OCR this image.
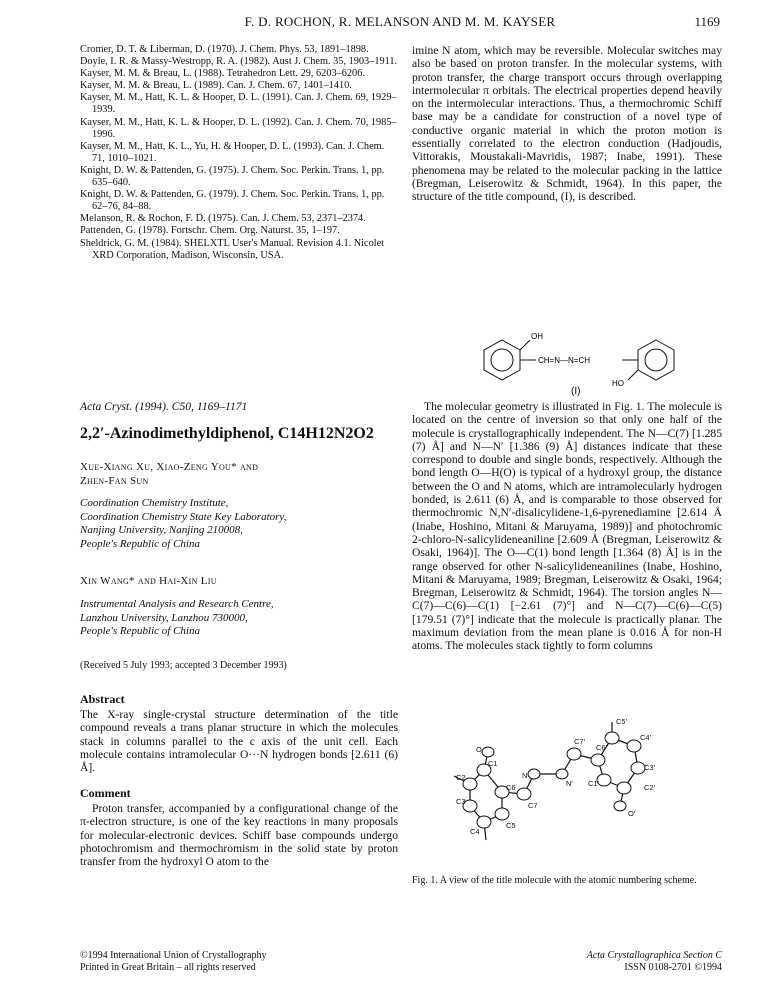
F. D. ROCHON, R. MELANSON AND M. M. KAYSER	1169

Cromer, D. T. & Liberman, D. (1970). J. Chem. Phys. 53, 1891–1898.

Doyle, I. R. & Massy-Westropp, R. A. (1982). Aust J. Chem. 35, 1903–1911.

Kayser, M. M. & Breau, L. (1988). Tetrahedron Lett. 29, 6203–6206.

Kayser, M. M. & Breau, L. (1989). Can. J. Chem. 67, 1401–1410.

Kayser, M. M., Hatt, K. L. & Hooper, D. L. (1991). Can. J. Chem. 69, 1929–1939.

Kayser, M. M., Hatt, K. L. & Hooper, D. L. (1992). Can. J. Chem. 70, 1985–1996.

Kayser, M. M., Hatt, K. L., Yu, H. & Hooper, D. L. (1993). Can. J. Chem. 71, 1010–1021.

Knight, D. W. & Pattenden, G. (1975). J. Chem. Soc. Perkin. Trans. 1, pp. 635–640.

Knight, D. W. & Pattenden, G. (1979). J. Chem. Soc. Perkin. Trans. 1, pp. 62–76, 84–88.

Melanson, R. & Rochon, F. D. (1975). Can. J. Chem. 53, 2371–2374.

Pattenden, G. (1978). Fortschr. Chem. Org. Naturst. 35, 1–197.

Sheldrick, G. M. (1984). SHELXTL User's Manual. Revision 4.1. Nicolet XRD Corporation, Madison, Wisconsin, USA.

imine N atom, which may be reversible. Molecular switches may also be based on proton transfer. In the molecular systems, with proton transfer, the charge transport occurs through overlapping intermolecular π orbitals. The electrical properties depend heavily on the intermolecular interactions. Thus, a thermochromic Schiff base may be a candidate for construction of a novel type of conductive organic material in which the proton motion is essentially correlated to the electron conduction (Hadjoudis, Vittorakis, Moustakali-Mavridis, 1987; Inabe, 1991). These phenomena may be related to the molecular packing in the lattice (Bregman, Leiserowitz & Schmidt, 1964). In this paper, the structure of the title compound, (I), is described.
OH
CH=N—N=CH
HO
(I)
Acta Cryst. (1994). C50, 1169–1171
2,2′-Azinodimethyldiphenol, C14H12N2O2
Xue-Xiang Xu, Xiao-Zeng You* and
Zhen-Fan Sun
Coordination Chemistry Institute,
Coordination Chemistry State Key Laboratory,
Nanjing University, Nanjing 210008,
People's Republic of China
Xin Wang* and Hai-Xin Liu
Instrumental Analysis and Research Centre,
Lanzhou University, Lanzhou 730000,
People's Republic of China
(Received 5 July 1993; accepted 3 December 1993)
Abstract
The X-ray single-crystal structure determination of the title compound reveals a trans planar structure in which the molecules stack in columns parallel to the c axis of the unit cell. Each molecule contains intramolecular O···N hydrogen bonds [2.611 (6) Å].
Comment
Proton transfer, accompanied by a configurational change of the π-electron structure, is one of the key reactions in many proposals for molecular-electronic devices. Schiff base compounds undergo photochromism and thermochromism in the solid state by proton transfer from the hydroxyl O atom to the
The molecular geometry is illustrated in Fig. 1. The molecule is located on the centre of inversion so that only one half of the molecule is crystallographically independent. The N—C(7) [1.285 (7) Å] and N—N′ [1.386 (9) Å] distances indicate that these correspond to double and single bonds, respectively. Although the bond length O—H(O) is typical of a hydroxyl group, the distance between the O and N atoms, which are intramolecularly hydrogen bonded, is 2.611 (6) Å, and is comparable to those observed for thermochromic N,N′-disalicylidene-1,6-pyrenediamine [2.614 Å (Inabe, Hoshino, Mitani & Maruyama, 1989)] and photochromic 2-chloro-N-salicylideneaniline [2.609 Å (Bregman, Leiserowitz & Osaki, 1964)]. The O—C(1) bond length [1.364 (8) Å] is in the range observed for other N-salicylideneanilines (Inabe, Hoshino, Mitani & Maruyama, 1989; Bregman, Leiserowitz & Osaki, 1964; Bregman, Leiserowitz & Schmidt, 1964). The torsion angles N—C(7)—C(6)—C(1) [−2.61 (7)°] and N—C(7)—C(6)—C(5) [179.51 (7)°] indicate that the molecule is practically planar. The maximum deviation from the mean plane is 0.016 Å for non-H atoms. The molecules stack tightly to form columns
C5′
C4′
C7′
C6′
C3′
O
C1
C2	N
C6	N′ C1′	C2′
C3	C7
O′
C4
C5
Fig. 1. A view of the title molecule with the atomic numbering scheme.
©1994 International Union of Crystallography
Printed in Great Britain – all rights reserved
Acta Crystallographica Section C
ISSN 0108-2701 ©1994
